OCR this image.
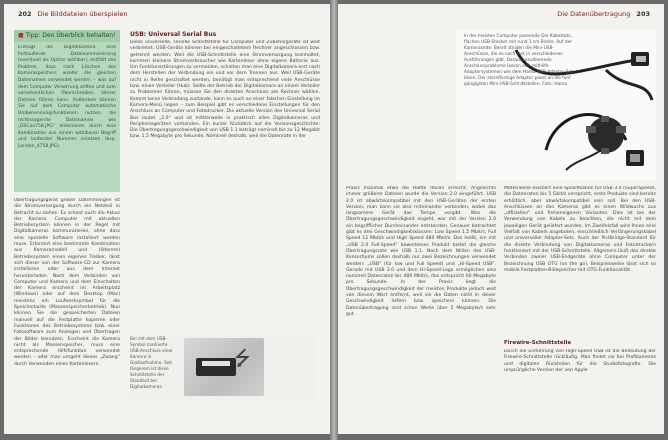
202 Die Bilddateien überspielen
■ Tipp: Den Überblick behalten!
Erzeugt die Digitalkamera eine fortlaufende Dateinummerierung (eventuell als Option wählbar), entfällt das Problem, dass nach Löschen des Kameraspeichers wieder die gleichen Dateinamen verwendet werden – was auf dem Computer Verwirrung stiften und zum versehentlichen Überschreiben älterer Dateien führen kann. Außerdem können Sie auf dem Computer automatische Umbenennungsfunktionen nutzen, die nichtssagende Dateinamen wie „DSCoo758.JPG“ eliminieren durch eine Kombination aus einem wählbaren Begriff und laufender Nummer ersetzen (bsp. London_4758.JPG).

Übertragungsgerät großer Datenmengen ist die Stromversorgung durch ein Netzteil in Betracht zu ziehen. Es schont auch die Akkus der Kamera. Computer mit aktuellen Betriebssystem können in der Regel mit Digitalkameras kommunizieren, ohne dass eine spezielle Software installiert werden muss. Erfordert eine bestimmte Kombination aus Kameramodell und (älterem) Betriebssystem einen eigenen Treiber, lässt sich dieser von der Software-CD zur Kamera installieren oder aus dem Internet herunterladen. Nach dem Verbinden von Computer und Kamera und dem Einschalten der Kamera erscheint im Arbeitsplatz (Windows) oder auf dem Desktop (Mac) meistens ein Laufwerksymbol für die Speicherkarte (Massenspeicherbetrieb). Nun können Sie die gespeicherten Dateien manuell auf die Festplatte kopieren oder Funktionen des Betriebssystems bzw. einer Fotosoftware zum Anzeigen und Übertragen der Bilder benutzen. Erscheint die Kamera nicht als Massenspeicher, muss eine entsprechende Hilfsfunktion verwendet werden – oder man umgeht dieses „Zwang“ durch Verwenden eines Kartenlesers.

USB: Universal Serial Bus

Diese universelle, serielle Schnittstelle für Computer und Zubehörgeräte ist weit verbreitet. USB-Geräte können bei eingeschaltetem Rechner angeschlossen bzw. getrennt werden. Weil die USB-Schnittstelle eine Stromversorgung beinhaltet, kommen kleinere Stromverbraucher wie Kartenleser ohne eigene Batterie aus. Um Funktionsstörungen zu vermeiden, schalten man eine Digitalkamera erst nach dem Herstellen der Verbindung ein und vor dem Trennen aus. Weil USB-Geräte nicht in Reihe geschaltet werden, benötigt man entsprechend viele Anschlüsse bzw. einen Verteiler (Hub). Sollte der Betrieb der Digitalkamera an einem Verteiler zu Problemen führen, müssen Sie den direkten Anschluss am Rechner wählen. Kommt keine Verbindung zustande, kann es auch an einer falschen Einstellung im Kamera-Menü liegen – zum Beispiel gibt es verschiedene Einstellungen für den Anschluss an Computer und Fotodrucker. Die aktuelle Version des Universal Serial Bus lautet „2.0“ und ist mittlerweile in praktisch allen Digitalkameras und Peripheriegeräten vorhanden. Ein kurzer Rückblick auf die Versionsgeschichte: Die Übertragungsgeschwindigkeit von USB 1.1 beträgt nominell bis zu 12 Megabit bzw. 1,5 Megabyte pro Sekunde. Nominell deshalb, weil die Datenrate in der

Bei mit dem USB-Symbol markierte USB-Anschluss einer Kamera in Großaufnahme. Seit längerem ist diese Schnittstelle der Standard bei Digitalkameras.
⭍
Die Datenübertragung 203
In der meisten Computer passende Die Kabelsatz, flachen USB-Stecker mit rund 1 cm Breite. Auf der Kameraseite: Bereit stinden die Mini-USB-Anschlüsse, die es noch fast in verschiedenen Ausführungen gibt. Daraus resultierende Anschlussprobleme lassen sich mithilfe Adaptersystemen wie dem Hama USB-Adapter-Set lösen. Der sternförmige Adapter passt an die fünf gängigsten Mini-USB-Schnittstellen. Foto: Hama

Praxis maximal etwa die Hälfte davon erreicht. Angesichts immer größerer Dateien wurde die Version 2.0 eingeführt. USB 2.0 ist abwärtskompatibel mit den USB-Geräten der ersten Version, man kann sie also miteinander verbinden, wobei das langsamere Gerät das Tempo vorgibt. Was die Übertragungsgeschwindigkeit angeht, war mit der Version 2.0 ein begrifflicher Durcheinander entstanden. Genauer betrachtet gibt es drei Geschwindigkeitsklassen: Low Speed 1,5 Mbit/s, Full Speed 12 Mbit/s und High Speed 480 Mbit/s. Das heißt, ein mit „USB 2.0 Full-Speed“ beworbenes Produkt bietet die gleiche Übertragungsrate wie USB 1.1. Nach dem Willen des USB-Konsortiums sollen deshalb nur zwei Bezeichnungen verwendet werden: „USB“ (für low und Full Speed) und „Hi-Speed USB“. Gerade mit USB 3.0 und dem Hi-Speed-Logo ermöglichen also nominell Datenraten bis 480 Mbit/s, das entspricht 60 Megabyte pro Sekunde. In der Praxis liegt die Übertragungsgeschwindigkeit der meisten Produkte jedoch weit von diesem Wert entfernt, weil sie die Daten nicht in dieser Geschwindigkeit liefern bzw. speichern können. Die Datenübertragung sind schon Werte über 5 Megabyte/s sehr gut.

Mittlerweile existiert eine Spezifikation für USB 3.0 (SuperSpeed), die Datenraten bis 5 Gbit/s verspricht, erste Produkte sind bereits erhältlich, aber abwärtskompatibel sein soll. Bei den USB-Anschlüssen an den Kameras gibt es einen Wildwuchs aus „offiziellen“ und firmeneigenen Varianten. Dies ist bei der Verwendung von Kabeln zu beachten, die nicht mit dem jeweiligen Gerät geliefert wurden. Im Zweifelsfall wird Ihnen eine Vielfalt von Kabeln angeboten, einschließlich Verlängerungskabel und universeller Adapter-Sets. Auch der PictBridge-Standard für die direkte Verbindung von Digitalkameras und Fotodruckern funktioniert mit der USB-Schnittstelle. Allgemein läuft das direkte Verbinden zweier USB-Endgeräte ohne Computer unter der Bezeichnung USB OTG (on the go). Beispielsweise lässt sich so mobile Festplatten-Bildspeicher mit OTG-Funktionalität.

Firewire-Schnittstelle

Durch die Einführung von High-Speed USB ist die Bedeutung der Firewire-Schnittstelle rückläufig. Man findet sie bei Profikameras und digitalen Rückteilen für die Studiofotografie. Die ursprüngliche Version der von Apple
